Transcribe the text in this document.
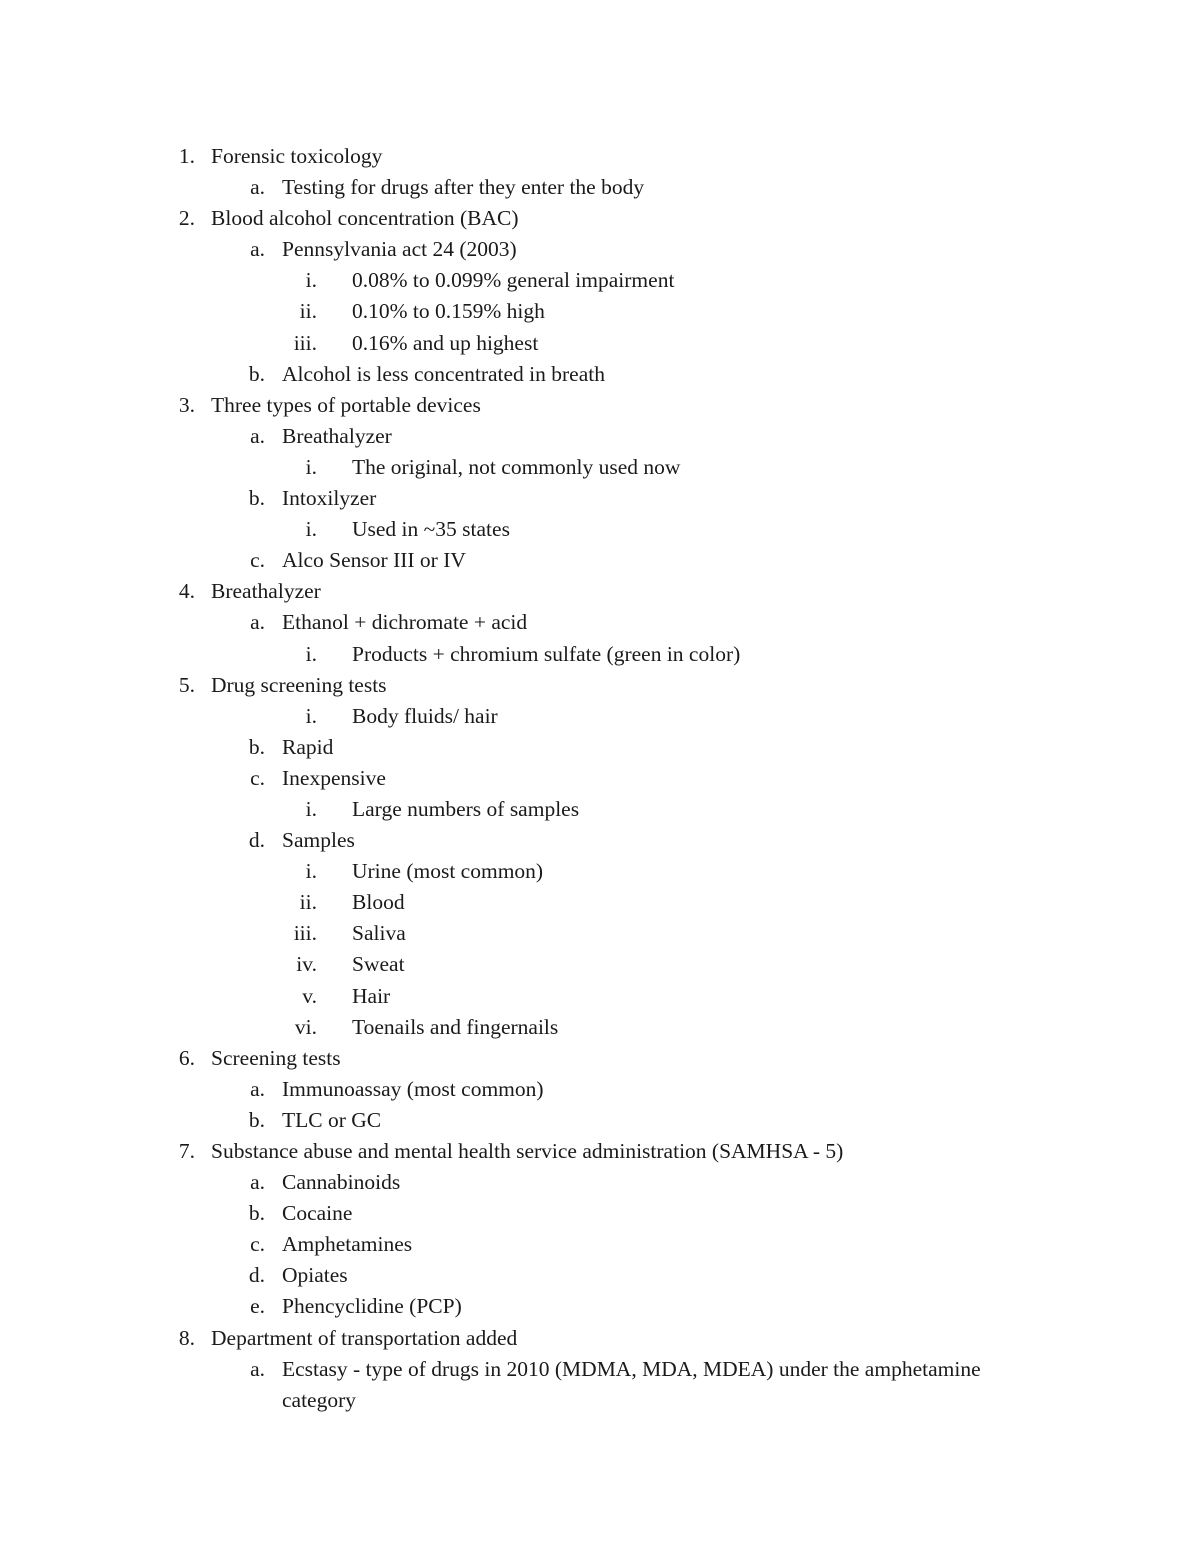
1. Forensic toxicology
a. Testing for drugs after they enter the body
2. Blood alcohol concentration (BAC)
a. Pennsylvania act 24 (2003)
i. 0.08% to 0.099% general impairment
ii. 0.10% to 0.159% high
iii. 0.16% and up highest
b. Alcohol is less concentrated in breath
3. Three types of portable devices
a. Breathalyzer
i. The original, not commonly used now
b. Intoxilyzer
i. Used in ~35 states
c. Alco Sensor III or IV
4. Breathalyzer
a. Ethanol + dichromate + acid
i. Products + chromium sulfate (green in color)
5. Drug screening tests
i. Body fluids/ hair
b. Rapid
c. Inexpensive
i. Large numbers of samples
d. Samples
i. Urine (most common)
ii. Blood
iii. Saliva
iv. Sweat
v. Hair
vi. Toenails and fingernails
6. Screening tests
a. Immunoassay (most common)
b. TLC or GC
7. Substance abuse and mental health service administration (SAMHSA - 5)
a. Cannabinoids
b. Cocaine
c. Amphetamines
d. Opiates
e. Phencyclidine (PCP)
8. Department of transportation added
a. Ecstasy - type of drugs in 2010 (MDMA, MDA, MDEA) under the amphetamine
category
